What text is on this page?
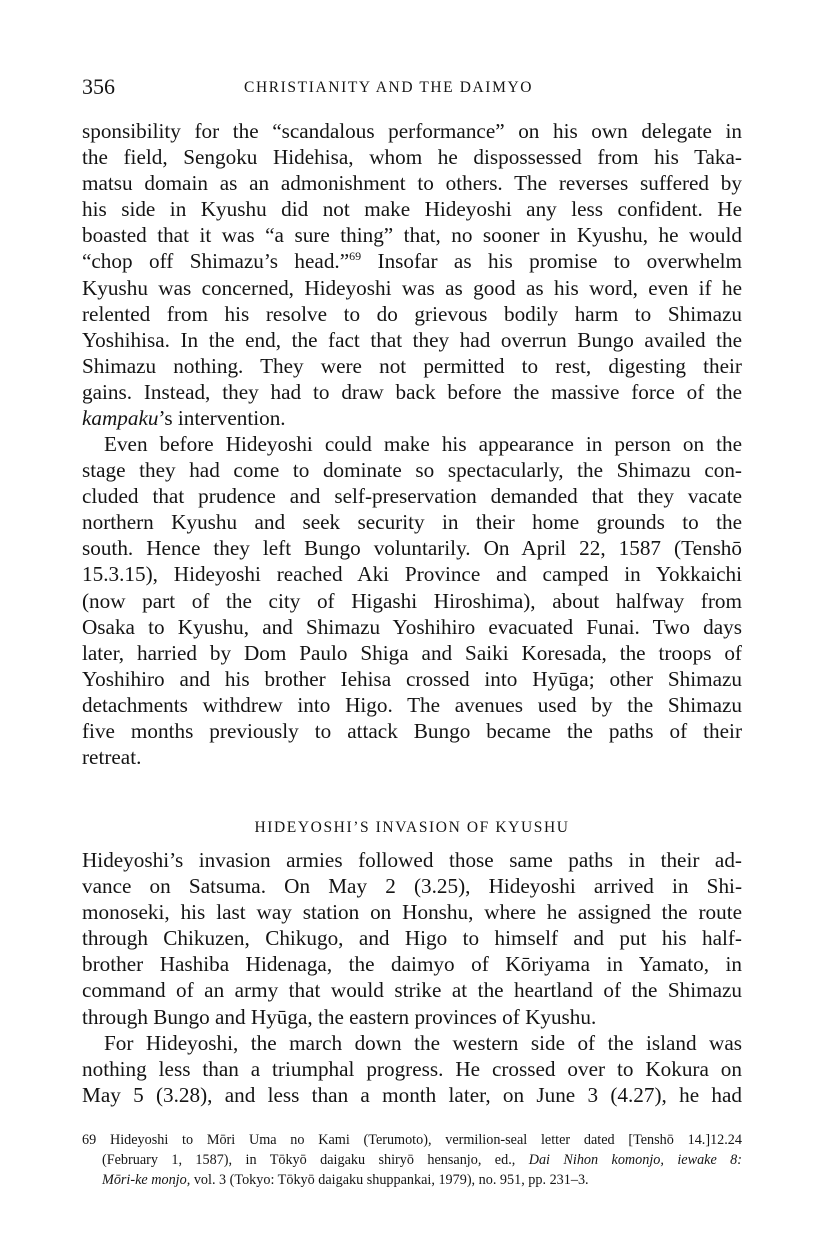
356	CHRISTIANITY AND THE DAIMYO
sponsibility for the “scandalous performance” on his own delegate in
the field, Sengoku Hidehisa, whom he dispossessed from his Taka-
matsu domain as an admonishment to others. The reverses suffered by
his side in Kyushu did not make Hideyoshi any less confident. He
boasted that it was “a sure thing” that, no sooner in Kyushu, he would
“chop off Shimazu’s head.”$^{69}$ Insofar as his promise to overwhelm
Kyushu was concerned, Hideyoshi was as good as his word, even if he
relented from his resolve to do grievous bodily harm to Shimazu
Yoshihisa. In the end, the fact that they had overrun Bungo availed the
Shimazu nothing. They were not permitted to rest, digesting their
gains. Instead, they had to draw back before the massive force of the
kampaku’s intervention.
Even before Hideyoshi could make his appearance in person on the
stage they had come to dominate so spectacularly, the Shimazu con-
cluded that prudence and self-preservation demanded that they vacate
northern Kyushu and seek security in their home grounds to the
south. Hence they left Bungo voluntarily. On April 22, 1587 (Tenshō
15.3.15), Hideyoshi reached Aki Province and camped in Yokkaichi
(now part of the city of Higashi Hiroshima), about halfway from
Osaka to Kyushu, and Shimazu Yoshihiro evacuated Funai. Two days
later, harried by Dom Paulo Shiga and Saiki Koresada, the troops of
Yoshihiro and his brother Iehisa crossed into Hyūga; other Shimazu
detachments withdrew into Higo. The avenues used by the Shimazu
five months previously to attack Bungo became the paths of their
retreat.
HIDEYOSHI’S INVASION OF KYUSHU
Hideyoshi’s invasion armies followed those same paths in their ad-
vance on Satsuma. On May 2 (3.25), Hideyoshi arrived in Shi-
monoseki, his last way station on Honshu, where he assigned the route
through Chikuzen, Chikugo, and Higo to himself and put his half-
brother Hashiba Hidenaga, the daimyo of Kōriyama in Yamato, in
command of an army that would strike at the heartland of the Shimazu
through Bungo and Hyūga, the eastern provinces of Kyushu.
For Hideyoshi, the march down the western side of the island was
nothing less than a triumphal progress. He crossed over to Kokura on
May 5 (3.28), and less than a month later, on June 3 (4.27), he had
69 Hideyoshi to Mōri Uma no Kami (Terumoto), vermilion-seal letter dated [Tenshō 14.]12.24
(February 1, 1587), in Tōkyō daigaku shiryō hensanjo, ed., Dai Nihon komonjo, iewake 8:
Mōri-ke monjo, vol. 3 (Tokyo: Tōkyō daigaku shuppankai, 1979), no. 951, pp. 231–3.
